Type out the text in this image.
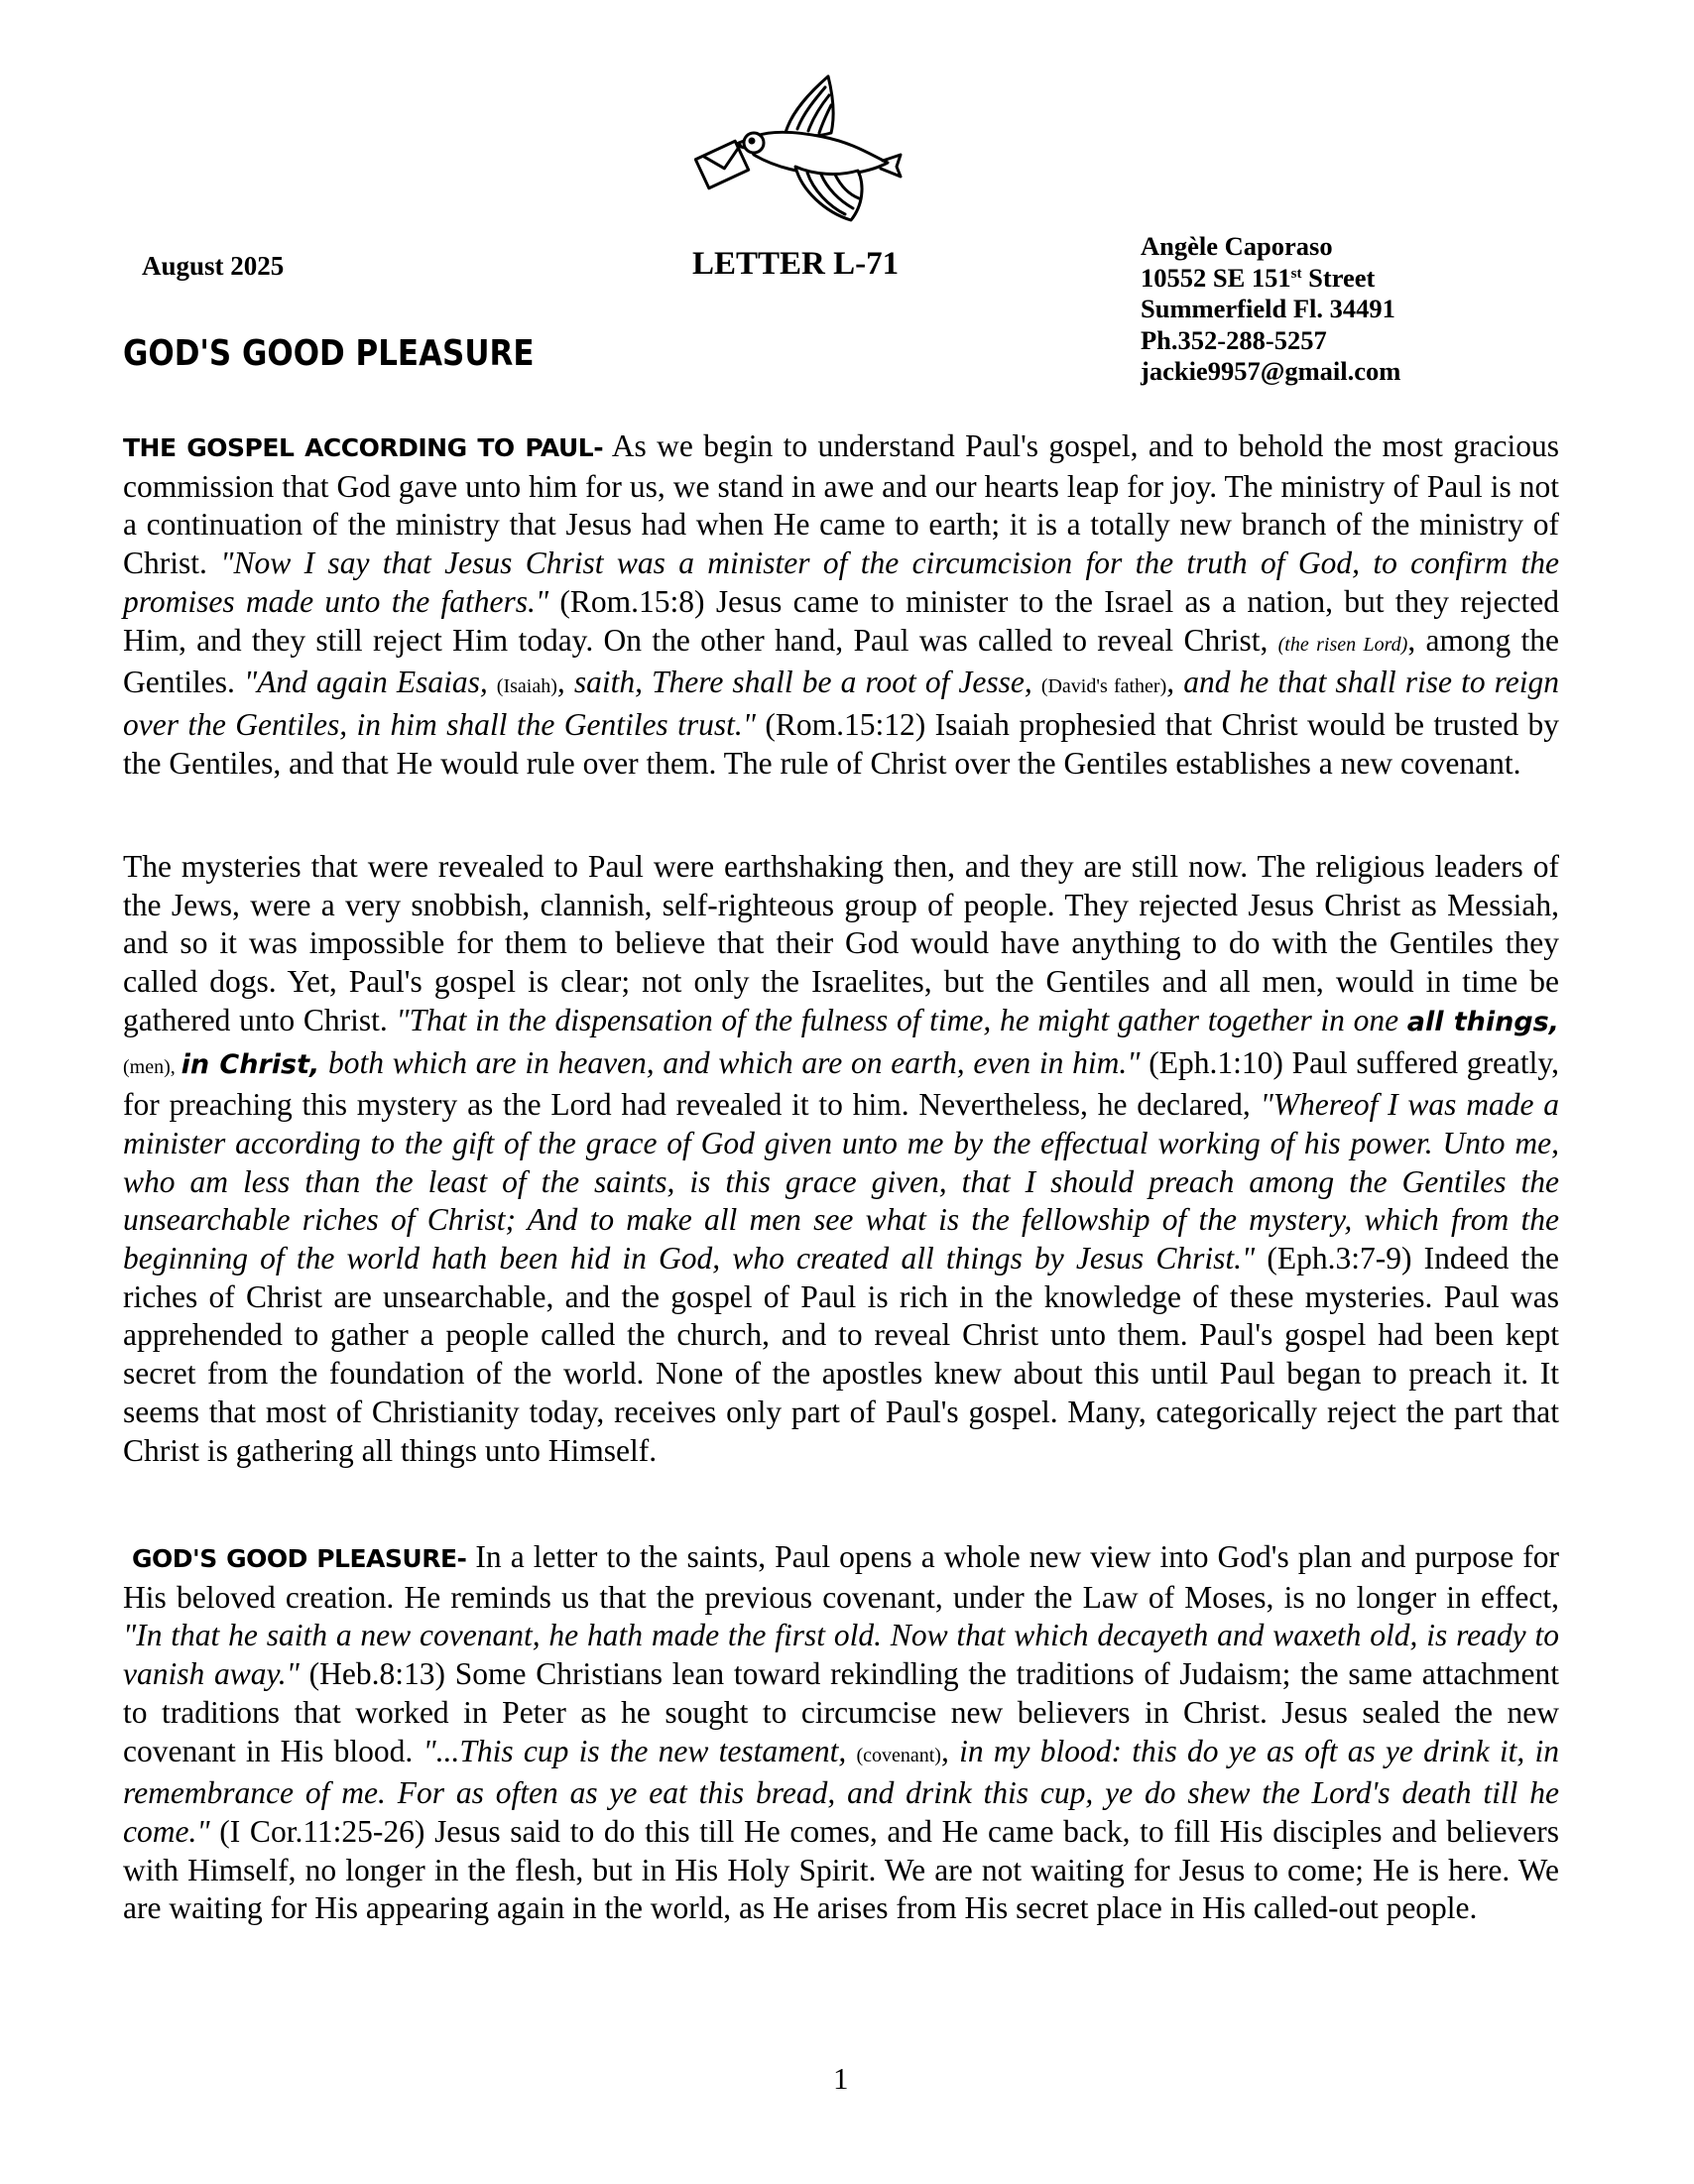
August 2025	LETTER L-71	Angèle Caporaso
10552 SE 151st Street
Summerfield Fl. 34491
Ph.352-288-5257
jackie9957@gmail.com
GOD'S GOOD PLEASURE

THE GOSPEL ACCORDING TO PAUL- As we begin to understand Paul's gospel, and to behold the most gracious commission that God gave unto him for us, we stand in awe and our hearts leap for joy. The ministry of Paul is not a continuation of the ministry that Jesus had when He came to earth; it is a totally new branch of the ministry of Christ. "Now I say that Jesus Christ was a minister of the circumcision for the truth of God, to confirm the promises made unto the fathers." (Rom.15:8) Jesus came to minister to the Israel as a nation, but they rejected Him, and they still reject Him today. On the other hand, Paul was called to reveal Christ, (the risen Lord), among the Gentiles. "And again Esaias, (Isaiah), saith, There shall be a root of Jesse, (David's father), and he that shall rise to reign over the Gentiles, in him shall the Gentiles trust." (Rom.15:12) Isaiah prophesied that Christ would be trusted by the Gentiles, and that He would rule over them. The rule of Christ over the Gentiles establishes a new covenant.

The mysteries that were revealed to Paul were earthshaking then, and they are still now. The religious leaders of the Jews, were a very snobbish, clannish, self-righteous group of people. They rejected Jesus Christ as Messiah, and so it was impossible for them to believe that their God would have anything to do with the Gentiles they called dogs. Yet, Paul's gospel is clear; not only the Israelites, but the Gentiles and all men, would in time be gathered unto Christ. "That in the dispensation of the fulness of time, he might gather together in one all things, (men), in Christ, both which are in heaven, and which are on earth, even in him." (Eph.1:10) Paul suffered greatly, for preaching this mystery as the Lord had revealed it to him. Nevertheless, he declared, "Whereof I was made a minister according to the gift of the grace of God given unto me by the effectual working of his power. Unto me, who am less than the least of the saints, is this grace given, that I should preach among the Gentiles the unsearchable riches of Christ; And to make all men see what is the fellowship of the mystery, which from the beginning of the world hath been hid in God, who created all things by Jesus Christ." (Eph.3:7-9) Indeed the riches of Christ are unsearchable, and the gospel of Paul is rich in the knowledge of these mysteries. Paul was apprehended to gather a people called the church, and to reveal Christ unto them. Paul's gospel had been kept secret from the foundation of the world. None of the apostles knew about this until Paul began to preach it. It seems that most of Christianity today, receives only part of Paul's gospel. Many, categorically reject the part that Christ is gathering all things unto Himself.

GOD'S GOOD PLEASURE- In a letter to the saints, Paul opens a whole new view into God's plan and purpose for His beloved creation. He reminds us that the previous covenant, under the Law of Moses, is no longer in effect, "In that he saith a new covenant, he hath made the first old. Now that which decayeth and waxeth old, is ready to vanish away." (Heb.8:13) Some Christians lean toward rekindling the traditions of Judaism; the same attachment to traditions that worked in Peter as he sought to circumcise new believers in Christ. Jesus sealed the new covenant in His blood. "...This cup is the new testament, (covenant), in my blood: this do ye as oft as ye drink it, in remembrance of me. For as often as ye eat this bread, and drink this cup, ye do shew the Lord's death till he come." (I Cor.11:25-26) Jesus said to do this till He comes, and He came back, to fill His disciples and believers with Himself, no longer in the flesh, but in His Holy Spirit. We are not waiting for Jesus to come; He is here. We are waiting for His appearing again in the world, as He arises from His secret place in His called-out people.

1
